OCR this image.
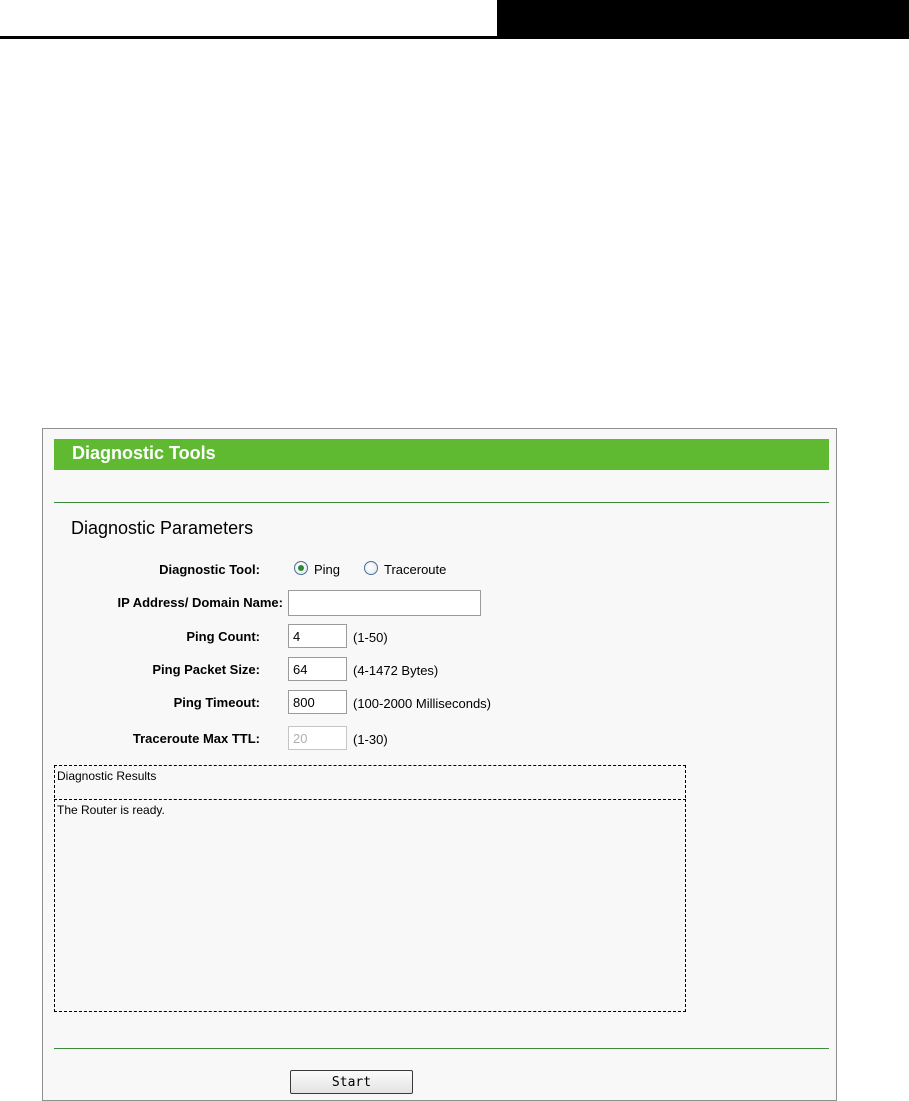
Diagnostic Tools
Diagnostic Parameters
Diagnostic Tool:	Ping	Traceroute
IP Address/ Domain Name:
Ping Count:
4	(1-50)
Ping Packet Size:
64	(4-1472 Bytes)
Ping Timeout:
800	(100-2000 Milliseconds)
Traceroute Max TTL:
20	(1-30)
Diagnostic Results
The Router is ready.
Start
